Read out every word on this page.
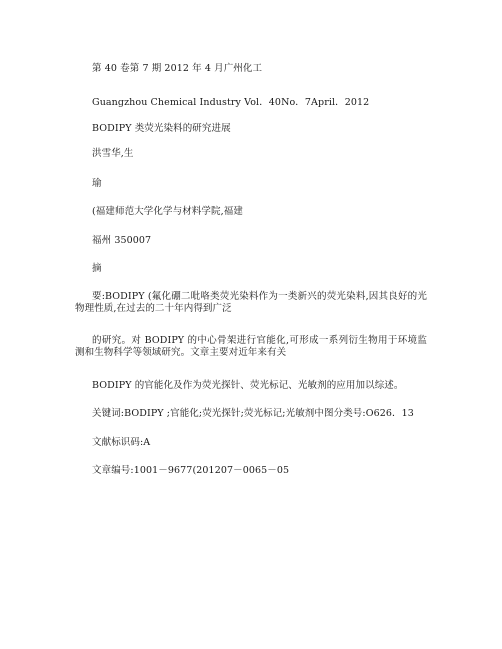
第 40 卷第 7 期 2012 年 4 月广州化工
Guangzhou Chemical Industry Vol．40No．7April．2012
BODIPY 类荧光染料的研究进展
洪雪华,生
瑜
(福建师范大学化学与材料学院,福建
福州 350007
摘
要:BODIPY (氟化硼二吡咯类荧光染料作为一类新兴的荧光染料,因其良好的光物理性质,在过去的二十年内得到广泛
的研究。对 BODIPY 的中心骨架进行官能化,可形成一系列衍生物用于环境监测和生物科学等领域研究。文章主要对近年来有关
BODIPY 的官能化及作为荧光探针、荧光标记、光敏剂的应用加以综述。
关键词:BODIPY ;官能化;荧光探针;荧光标记;光敏剂中图分类号:O626．13
文献标识码:A
文章编号:1001－9677(201207－0065－05
